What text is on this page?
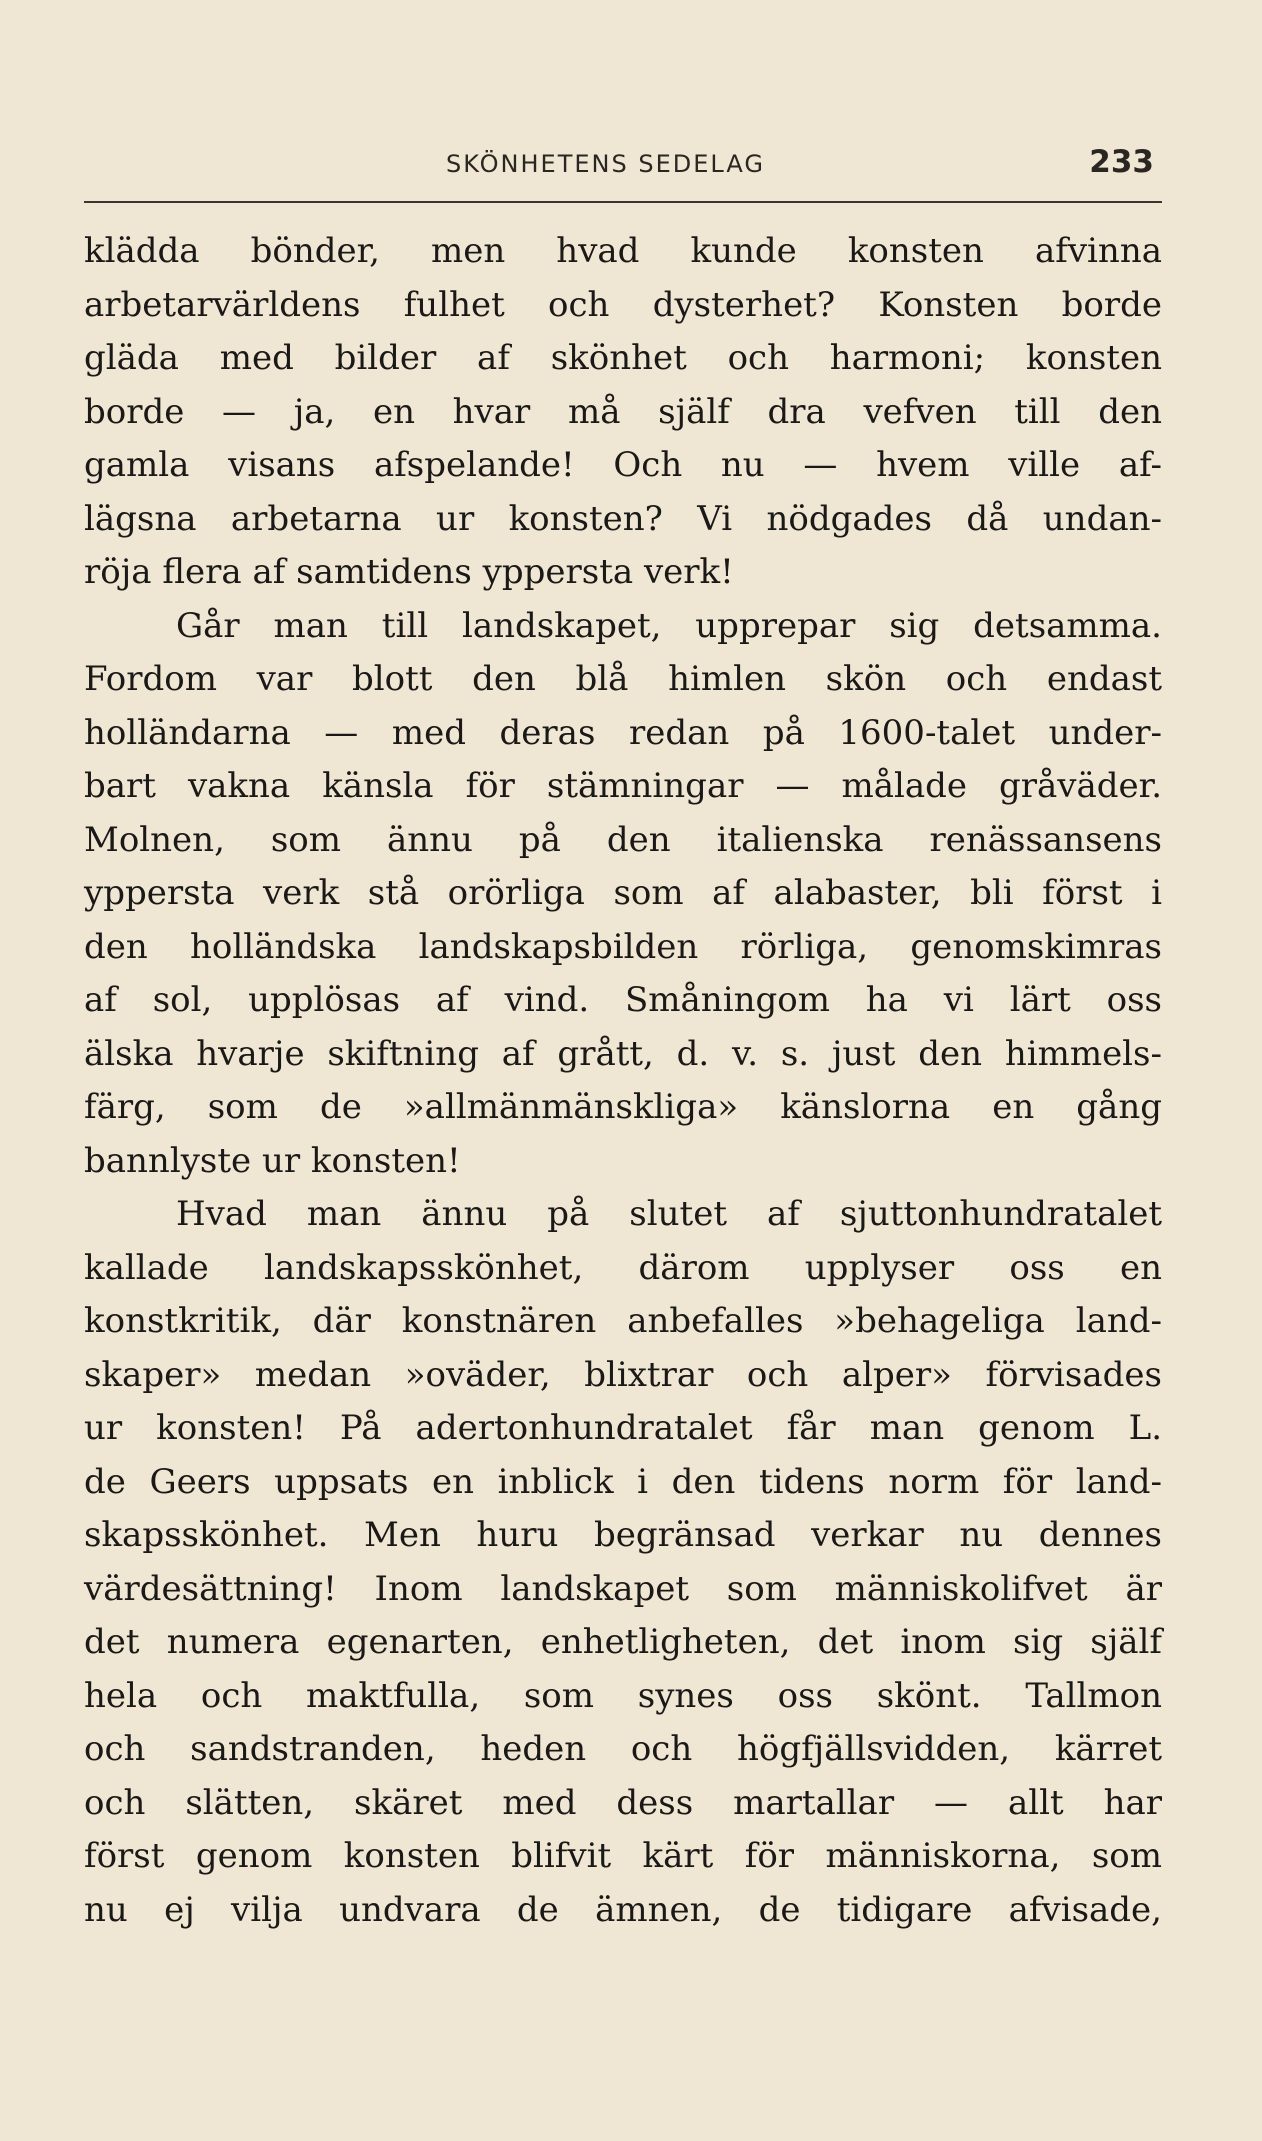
SKÖNHETENS SEDELAG	233
klädda bönder, men hvad kunde konsten afvinna
arbetarvärldens fulhet och dysterhet? Konsten borde
gläda med bilder af skönhet och harmoni; konsten
borde — ja, en hvar må själf dra vefven till den
gamla visans afspelande! Och nu — hvem ville af-
lägsna arbetarna ur konsten? Vi nödgades då undan-
röja flera af samtidens yppersta verk!
Går man till landskapet, upprepar sig detsamma.
Fordom var blott den blå himlen skön och endast
holländarna — med deras redan på 1600-talet under-
bart vakna känsla för stämningar — målade gråväder.
Molnen, som ännu på den italienska renässansens
yppersta verk stå orörliga som af alabaster, bli först i
den holländska landskapsbilden rörliga, genomskimras
af sol, upplösas af vind. Småningom ha vi lärt oss
älska hvarje skiftning af grått, d. v. s. just den himmels-
färg, som de »allmänmänskliga» känslorna en gång
bannlyste ur konsten!
Hvad man ännu på slutet af sjuttonhundratalet
kallade landskapsskönhet, därom upplyser oss en
konstkritik, där konstnären anbefalles »behageliga land-
skaper» medan »oväder, blixtrar och alper» förvisades
ur konsten! På adertonhundratalet får man genom L.
de Geers uppsats en inblick i den tidens norm för land-
skapsskönhet. Men huru begränsad verkar nu dennes
värdesättning! Inom landskapet som människolifvet är
det numera egenarten, enhetligheten, det inom sig själf
hela och maktfulla, som synes oss skönt. Tallmon
och sandstranden, heden och högfjällsvidden, kärret
och slätten, skäret med dess martallar — allt har
först genom konsten blifvit kärt för människorna, som
nu ej vilja undvara de ämnen, de tidigare afvisade,
